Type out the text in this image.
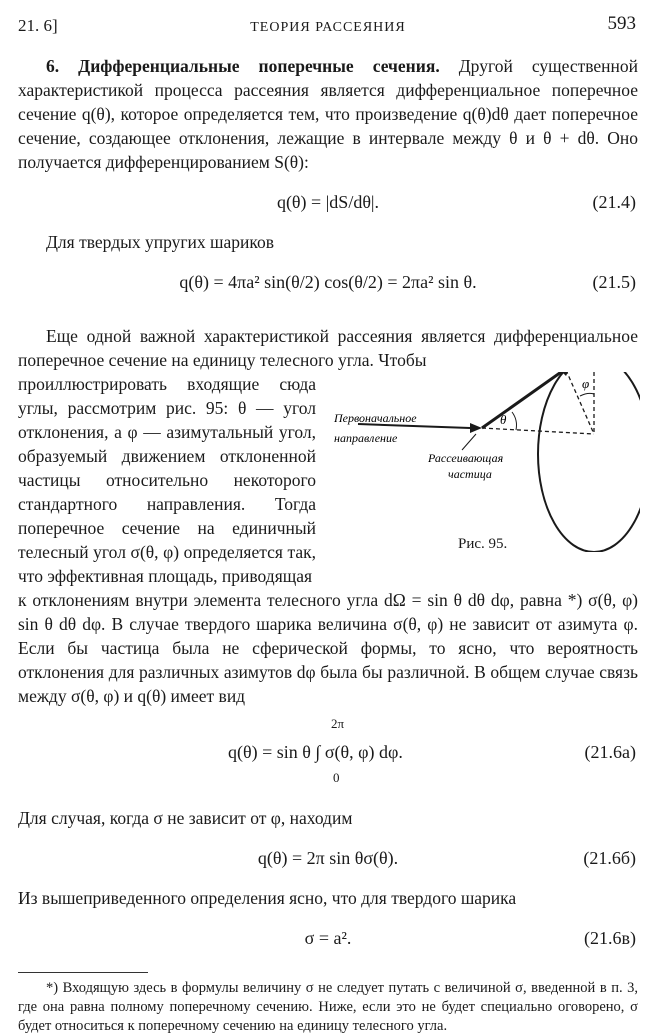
21. 6]	ТЕОРИЯ РАССЕЯНИЯ	593

6. Дифференциальные поперечные сечения. Другой существенной характеристикой процесса рассеяния является дифференциальное поперечное сечение q(θ), которое определяется тем, что произведение q(θ)dθ дает поперечное сечение, создающее отклонения, лежащие в интервале между θ и θ + dθ. Оно получается дифференцированием S(θ):

q(θ) = |dS/dθ|.	(21.4)

Для твердых упругих шариков

q(θ) = 4πa² sin(θ/2) cos(θ/2) = 2πa² sin θ.	(21.5)

Еще одной важной характеристикой рассеяния является дифференциальное поперечное сечение на единицу телесного угла. Чтобы

проиллюстрировать входящие сюда углы, рассмотрим рис. 95: θ — угол отклонения, а φ — азимутальный угол, образуемый движением отклоненной частицы относительно некоторого стандартного направления. Тогда поперечное сечение на единичный телесный угол σ(θ, φ) определяется так, что эффективная площадь, приводящая
θ
φ
Первоначальное
направление
Рассеивающая
частица
Рис. 95.

к отклонениям внутри элемента телесного угла dΩ = sin θ dθ dφ, равна *) σ(θ, φ) sin θ dθ dφ. В случае твердого шарика величина σ(θ, φ) не зависит от азимута φ. Если бы частица была не сферической формы, то ясно, что вероятность отклонения для различных азимутов dφ была бы различной. В общем случае связь между σ(θ, φ) и q(θ) имеет вид

2π
q(θ) = sin θ ∫ σ(θ, φ) dφ.
0
(21.6a)

Для случая, когда σ не зависит от φ, находим

q(θ) = 2π sin θσ(θ).	(21.6б)

Из вышеприведенного определения ясно, что для твердого шарика

σ = a².	(21.6в)

*) Входящую здесь в формулы величину σ не следует путать с величиной σ, введенной в п. 3, где она равна полному поперечному сечению. Ниже, если это не будет специально оговорено, σ будет относиться к поперечному сечению на единицу телесного угла.
